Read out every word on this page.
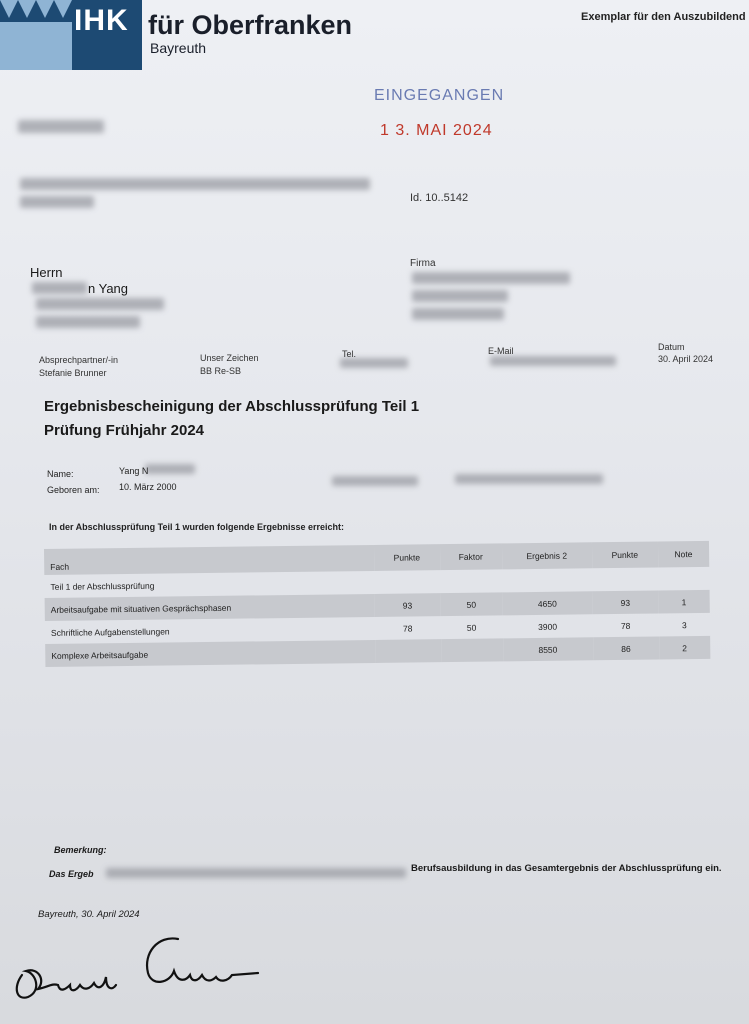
IHK für Oberfranken
Bayreuth
Exemplar für den Auszubildend
EINGEGANGEN
1 3. MAI 2024
Id. 10..5142
Herrn
n Yang
Firma
Absprechpartner/-in
Stefanie Brunner
Unser Zeichen
BB Re-SB
Tel.	E-Mail	Datum
30. April 2024
Ergebnisbescheinigung der Abschlussprüfung Teil 1
Prüfung Frühjahr 2024
Name:	Yang N
Geboren am: 10. März 2000
In der Abschlussprüfung Teil 1 wurden folgende Ergebnisse erreicht:
Fach	Punkte	Faktor	Ergebnis 2	Punkte	Note
Teil 1 der Abschlussprüfung					
Arbeitsaufgabe mit situativen Gesprächsphasen	93	50	4650	93	1
Schriftliche Aufgabenstellungen	78	50	3900	78	3
Komplexe Arbeitsaufgabe			8550	86	2
Bemerkung:
Das Ergeb	Berufsausbildung in das Gesamtergebnis der Abschlussprüfung ein.
Bayreuth, 30. April 2024
